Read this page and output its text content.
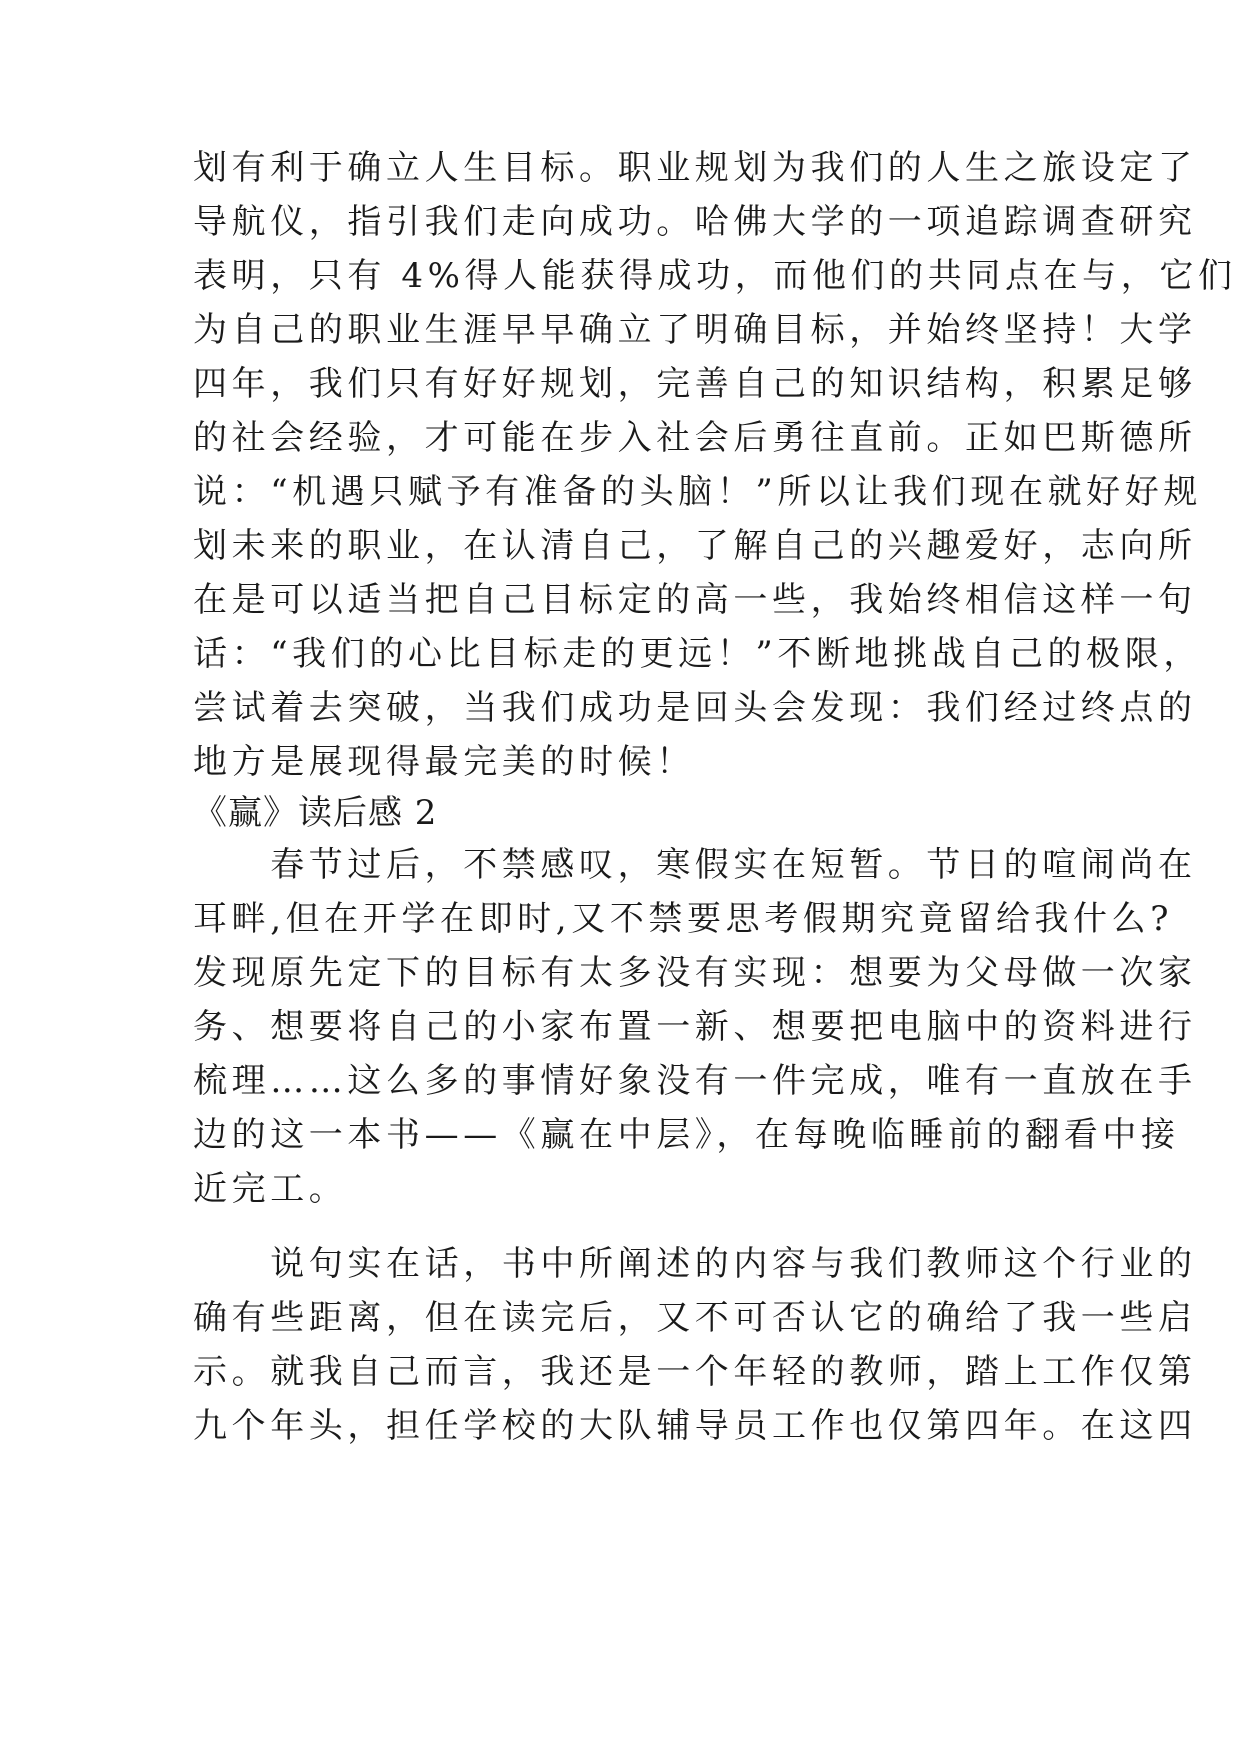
划有利于确立人生目标。职业规划为我们的人生之旅设定了
导航仪，指引我们走向成功。哈佛大学的一项追踪调查研究
表明，只有 4%得人能获得成功，而他们的共同点在与，它们
为自己的职业生涯早早确立了明确目标，并始终坚持！大学
四年，我们只有好好规划，完善自己的知识结构，积累足够
的社会经验，才可能在步入社会后勇往直前。正如巴斯德所
说：“机遇只赋予有准备的头脑！”所以让我们现在就好好规
划未来的职业，在认清自己，了解自己的兴趣爱好，志向所
在是可以适当把自己目标定的高一些，我始终相信这样一句
话：“我们的心比目标走的更远！”不断地挑战自己的极限，
尝试着去突破，当我们成功是回头会发现：我们经过终点的
地方是展现得最完美的时候！
《赢》读后感 2
　　春节过后，不禁感叹，寒假实在短暂。节日的喧闹尚在
耳畔,但在开学在即时,又不禁要思考假期究竟留给我什么?
发现原先定下的目标有太多没有实现：想要为父母做一次家
务、想要将自己的小家布置一新、想要把电脑中的资料进行
梳理……这么多的事情好象没有一件完成，唯有一直放在手
边的这一本书——《赢在中层》，在每晚临睡前的翻看中接
近完工。
　　说句实在话，书中所阐述的内容与我们教师这个行业的
确有些距离，但在读完后，又不可否认它的确给了我一些启
示。就我自己而言，我还是一个年轻的教师，踏上工作仅第
九个年头，担任学校的大队辅导员工作也仅第四年。在这四
